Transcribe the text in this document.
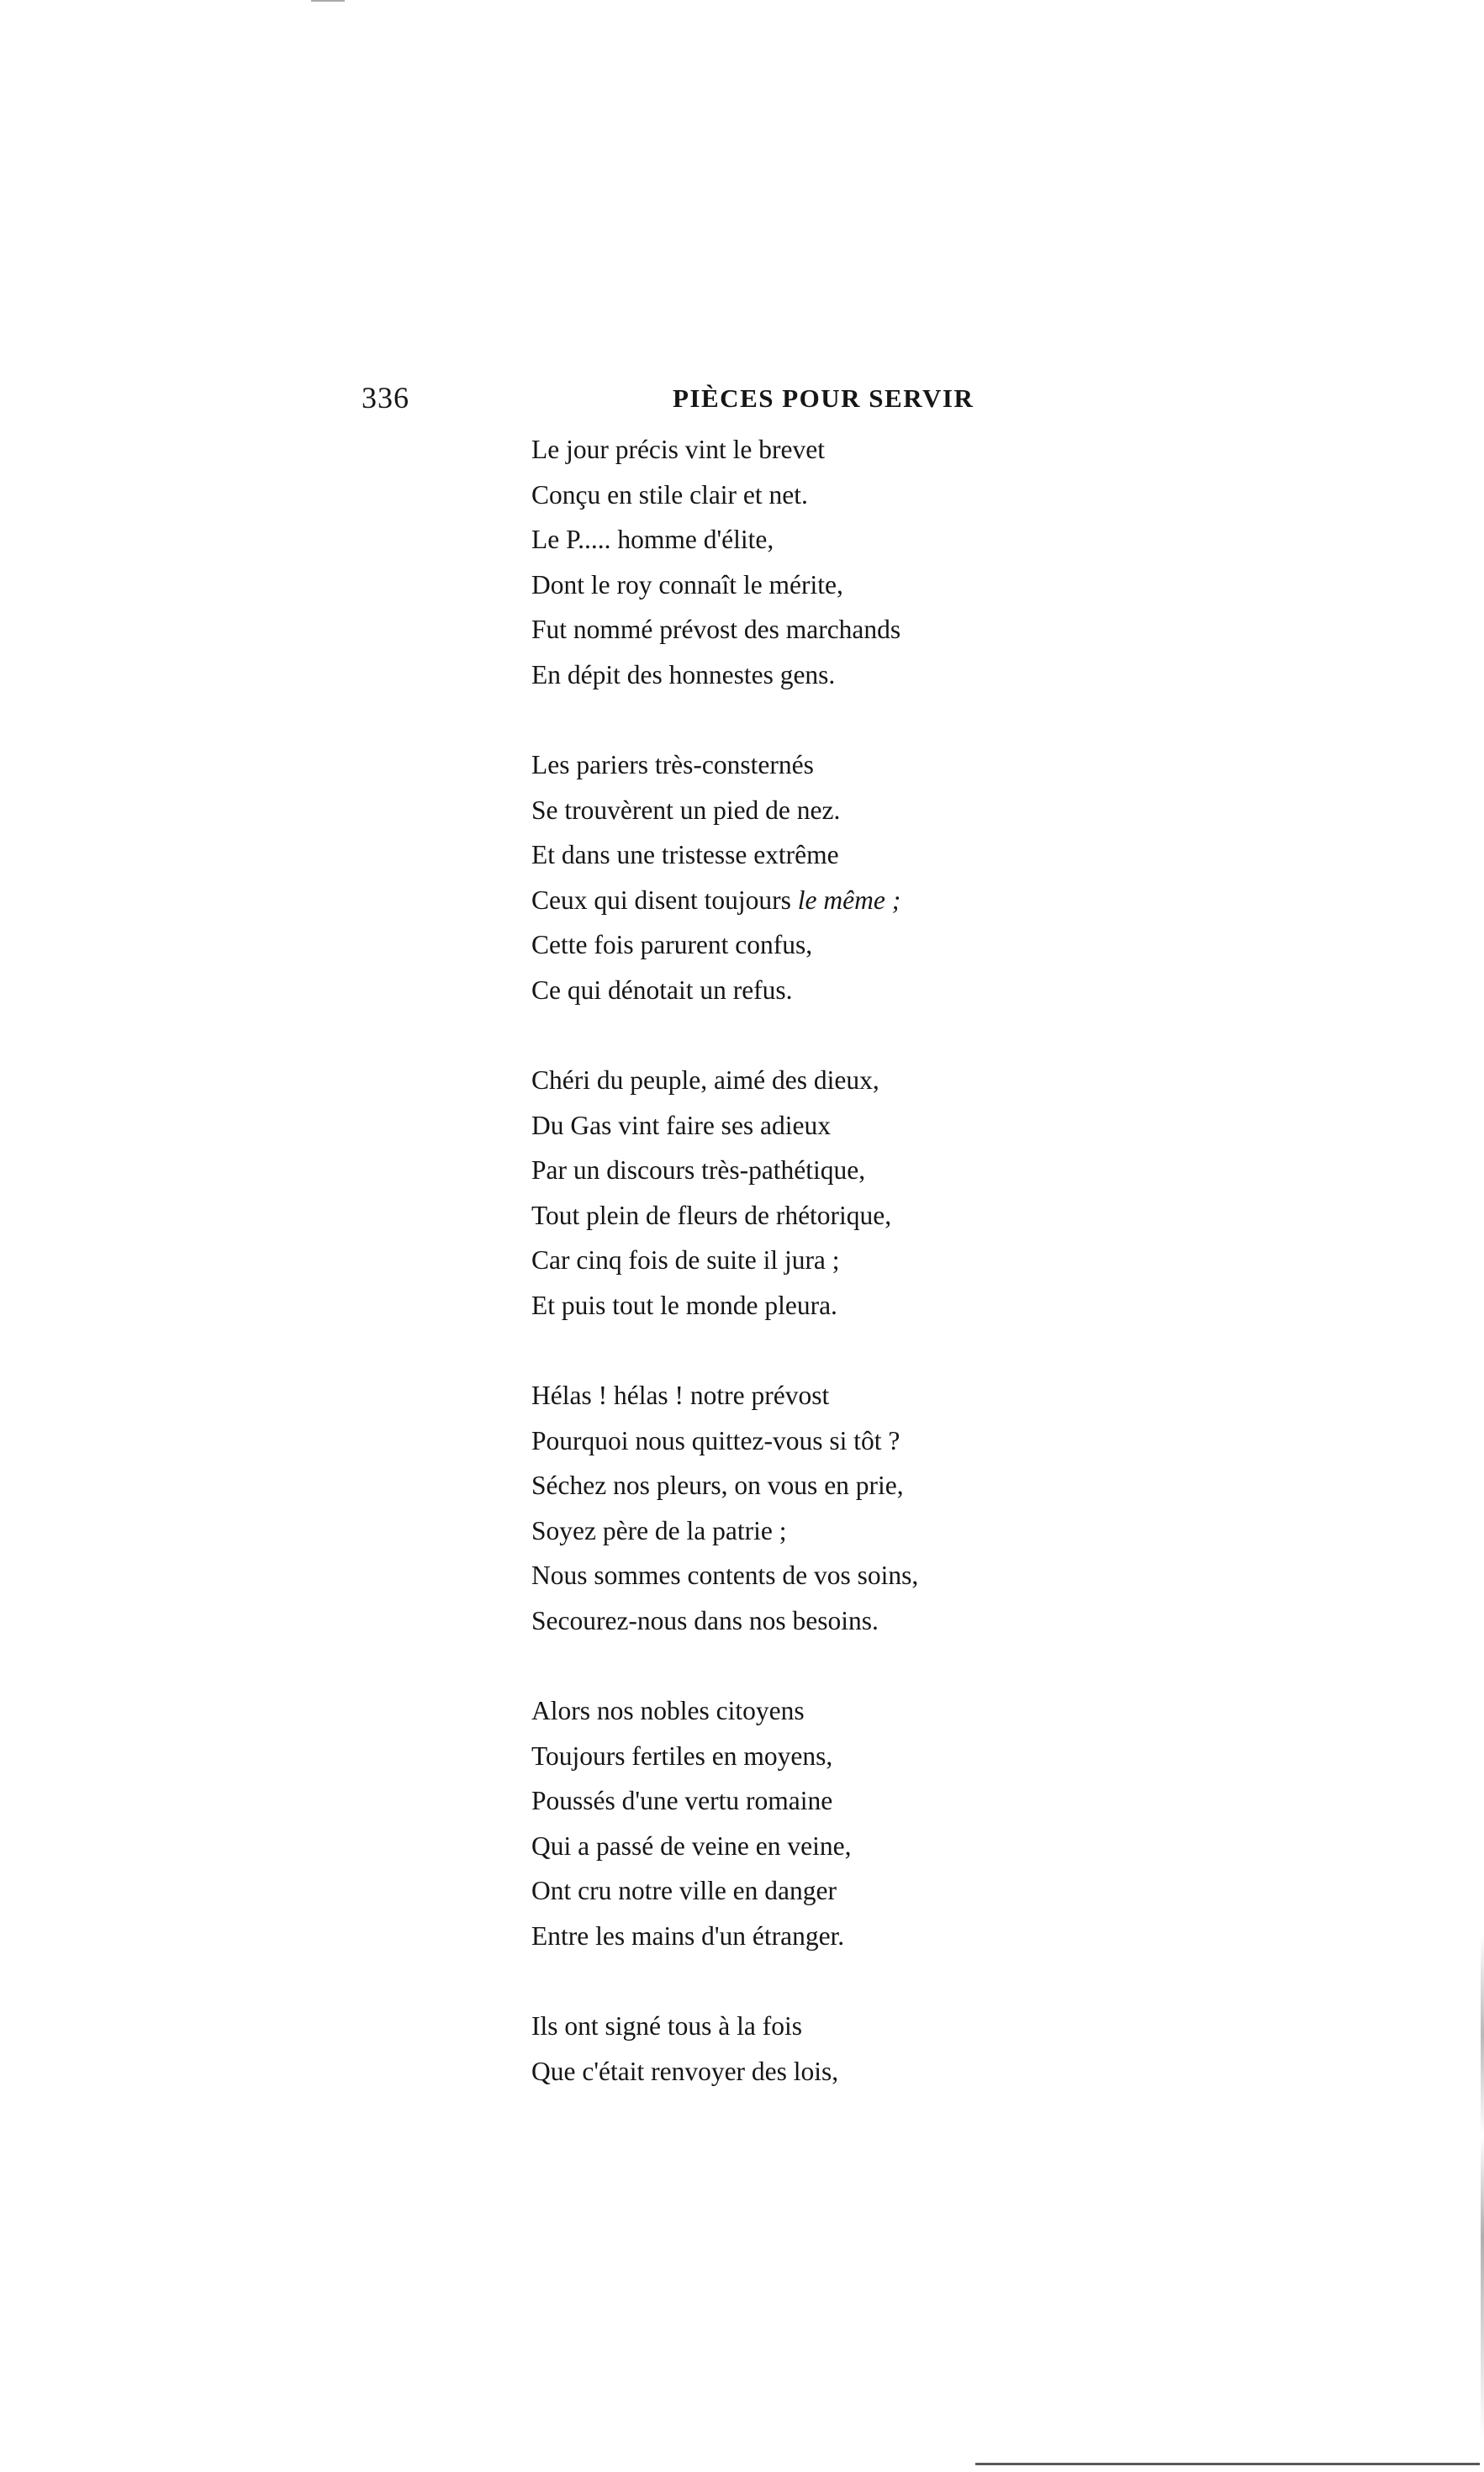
336	PIÈCES POUR SERVIR
Le jour précis vint le brevet
Conçu en stile clair et net.
Le P..... homme d'élite,
Dont le roy connaît le mérite,
Fut nommé prévost des marchands
En dépit des honnestes gens.
Les pariers très-consternés
Se trouvèrent un pied de nez.
Et dans une tristesse extrême
Ceux qui disent toujours le même ;
Cette fois parurent confus,
Ce qui dénotait un refus.
Chéri du peuple, aimé des dieux,
Du Gas vint faire ses adieux
Par un discours très-pathétique,
Tout plein de fleurs de rhétorique,
Car cinq fois de suite il jura ;
Et puis tout le monde pleura.
Hélas ! hélas ! notre prévost
Pourquoi nous quittez-vous si tôt ?
Séchez nos pleurs, on vous en prie,
Soyez père de la patrie ;
Nous sommes contents de vos soins,
Secourez-nous dans nos besoins.
Alors nos nobles citoyens
Toujours fertiles en moyens,
Poussés d'une vertu romaine
Qui a passé de veine en veine,
Ont cru notre ville en danger
Entre les mains d'un étranger.
Ils ont signé tous à la fois
Que c'était renvoyer des lois,
